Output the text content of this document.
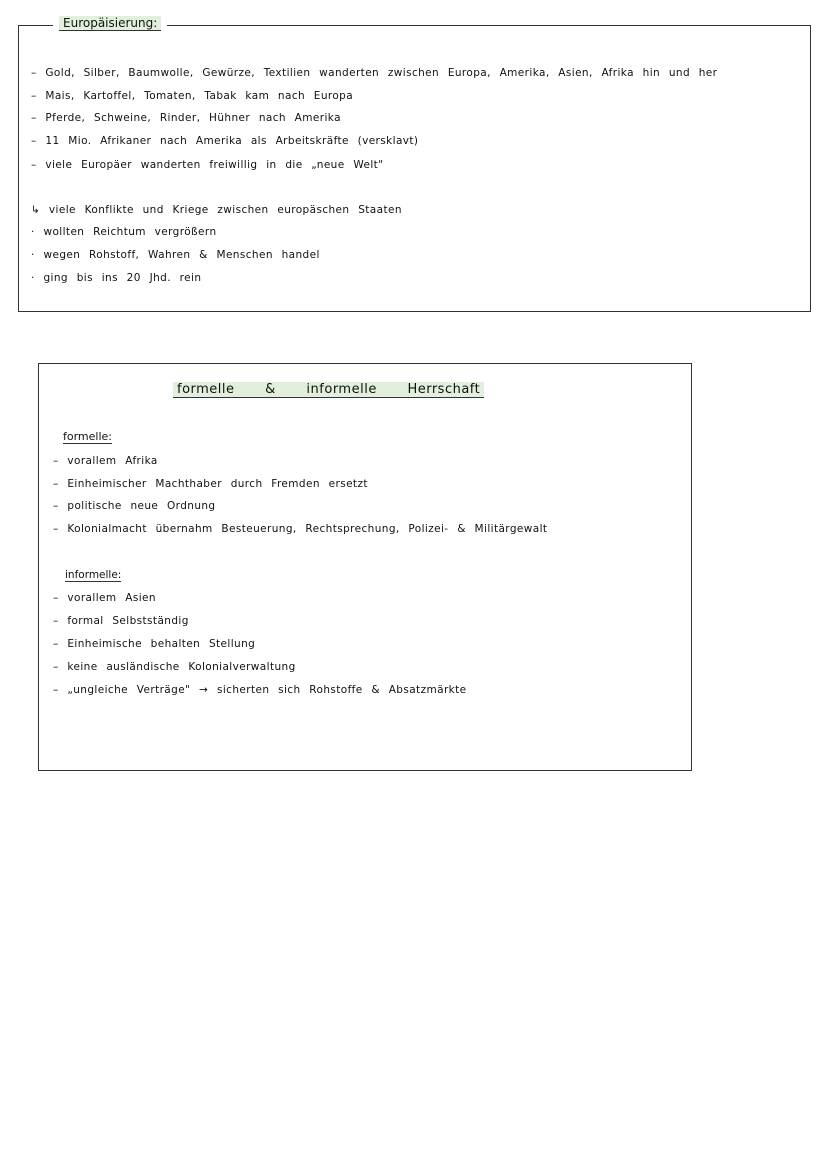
Europäisierung:
– Gold, Silber, Baumwolle, Gewürze, Textilien wanderten zwischen Europa, Amerika, Asien, Afrika hin und her
– Mais, Kartoffel, Tomaten, Tabak kam nach Europa
– Pferde, Schweine, Rinder, Hühner nach Amerika
– 11 Mio. Afrikaner nach Amerika als Arbeitskräfte (versklavt)
– viele Europäer wanderten freiwillig in die „neue Welt"
↳ viele Konflikte und Kriege zwischen europäschen Staaten
· wollten Reichtum vergrößern
· wegen Rohstoff, Wahren & Menschen handel
· ging bis ins 20 Jhd. rein
formelle & informelle Herrschaft
formelle:
– vorallem Afrika
– Einheimischer Machthaber durch Fremden ersetzt
– politische neue Ordnung
– Kolonialmacht übernahm Besteuerung, Rechtsprechung, Polizei- & Militärgewalt
informelle:
– vorallem Asien
– formal Selbstständig
– Einheimische behalten Stellung
– keine ausländische Kolonialverwaltung
– „ungleiche Verträge" → sicherten sich Rohstoffe & Absatzmärkte
